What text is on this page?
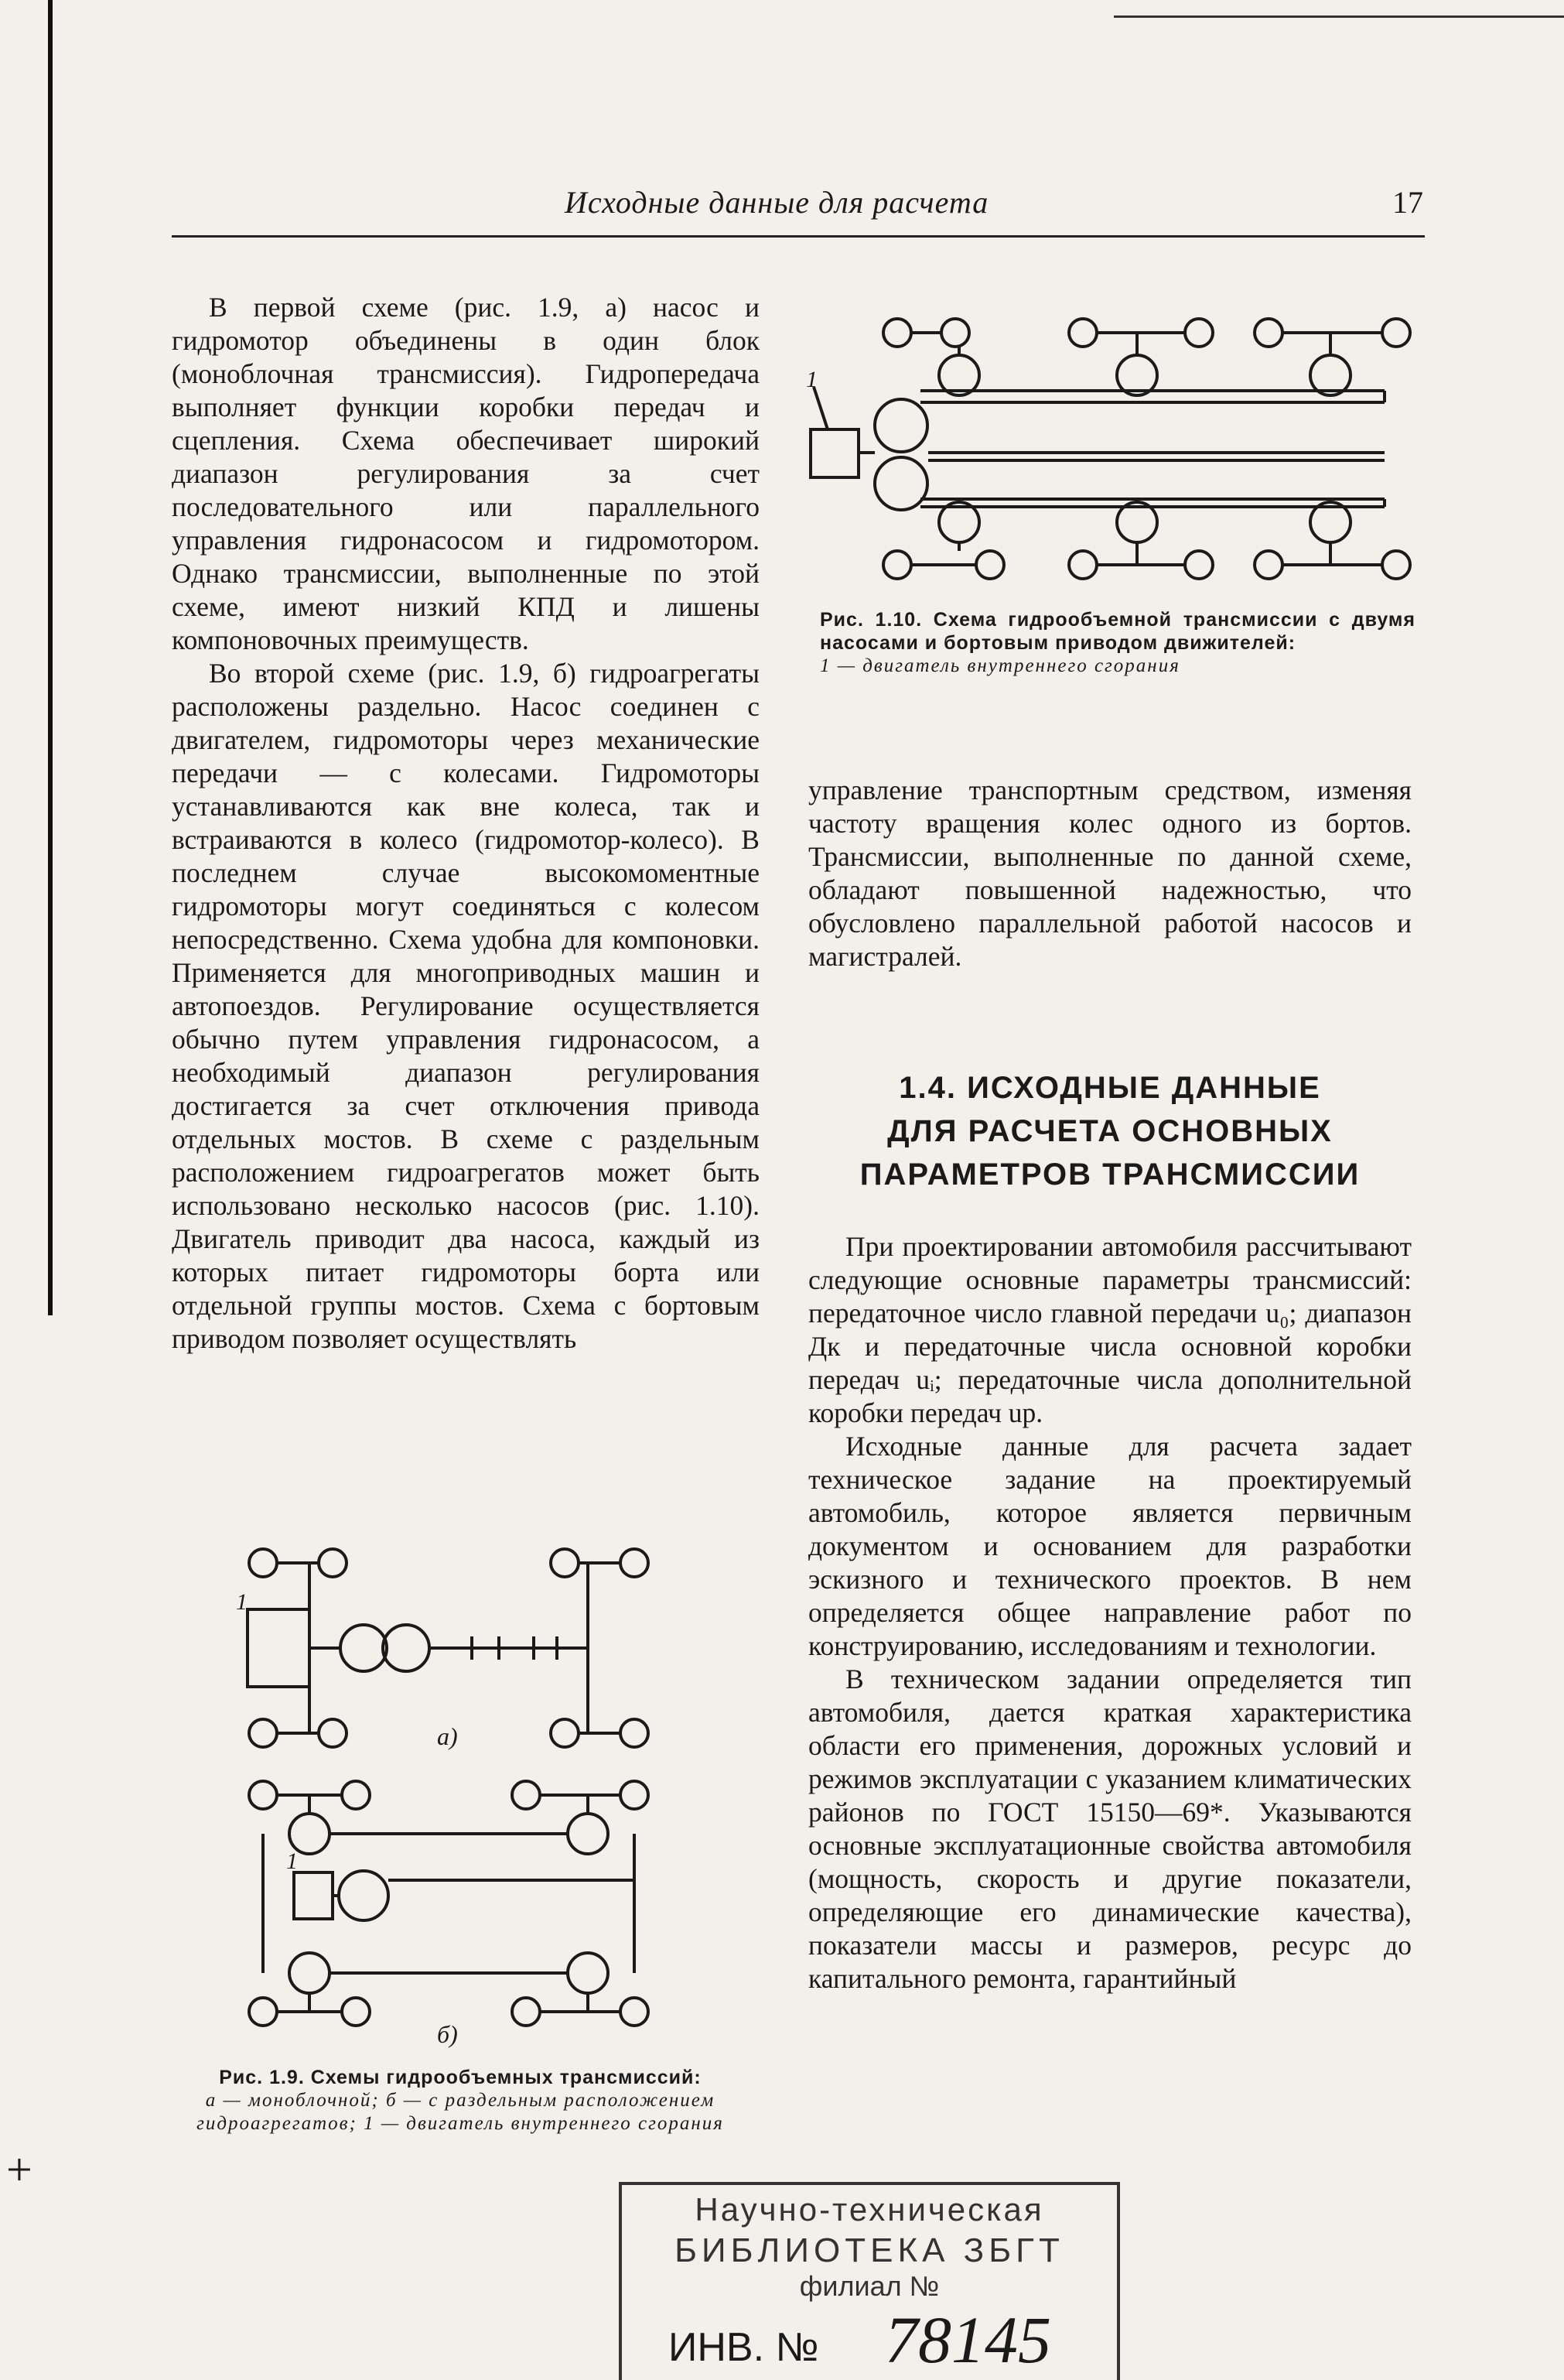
Исходные данные для расчета	17

В первой схеме (рис. 1.9, а) насос и гидромотор объединены в один блок (моноблочная трансмиссия). Гидропередача выполняет функции коробки передач и сцепления. Схема обеспечивает широкий диапазон регулирования за счет последовательного или параллельного управления гидронасосом и гидромотором. Однако трансмиссии, выполненные по этой схеме, имеют низкий КПД и лишены компоновочных преимуществ.

Во второй схеме (рис. 1.9, б) гидроагрегаты расположены раздельно. Насос соединен с двигателем, гидромоторы через механические передачи — с колесами. Гидромоторы устанавливаются как вне колеса, так и встраиваются в колесо (гидромотор-колесо). В последнем случае высокомоментные гидромоторы могут соединяться с колесом непосредственно. Схема удобна для компоновки. Применяется для многоприводных машин и автопоездов. Регулирование осуществляется обычно путем управления гидронасосом, а необходимый диапазон регулирования достигается за счет отключения привода отдельных мостов. В схеме с раздельным расположением гидроагрегатов может быть использовано несколько насосов (рис. 1.10). Двигатель приводит два насоса, каждый из которых питает гидромоторы борта или отдельной группы мостов. Схема с бортовым приводом позволяет осуществлять

1
Рис. 1.10. Схема гидрообъемной трансмиссии с двумя насосами и бортовым приводом движителей:
1 — двигатель внутреннего сгорания

управление транспортным средством, изменяя частоту вращения колес одного из бортов. Трансмиссии, выполненные по данной схеме, обладают повышенной надежностью, что обусловлено параллельной работой насосов и магистралей.

1.4. ИСХОДНЫЕ ДАННЫЕ
ДЛЯ РАСЧЕТА ОСНОВНЫХ
ПАРАМЕТРОВ ТРАНСМИССИИ

При проектировании автомобиля рассчитывают следующие основные параметры трансмиссий: передаточное число главной передачи u₀; диапазон Дк и передаточные числа основной коробки передач uᵢ; передаточные числа дополнительной коробки передач uр.

Исходные данные для расчета задает техническое задание на проектируемый автомобиль, которое является первичным документом и основанием для разработки эскизного и технического проектов. В нем определяется общее направление работ по конструированию, исследованиям и технологии.

В техническом задании определяется тип автомобиля, дается краткая характеристика области его применения, дорожных условий и режимов эксплуатации с указанием климатических районов по ГОСТ 15150—69*. Указываются основные эксплуатационные свойства автомобиля (мощность, скорость и другие показатели, определяющие его динамические качества), показатели массы и размеров, ресурс до капитального ремонта, гарантийный

1
а)
1
б)
Рис. 1.9. Схемы гидрообъемных трансмиссий:
а — моноблочной; б — с раздельным расположением гидроагрегатов; 1 — двигатель внутреннего сгорания
Научно-техническая
БИБЛИОТЕКА ЗБГТ
филиал №
ИНВ. № 78145
+
